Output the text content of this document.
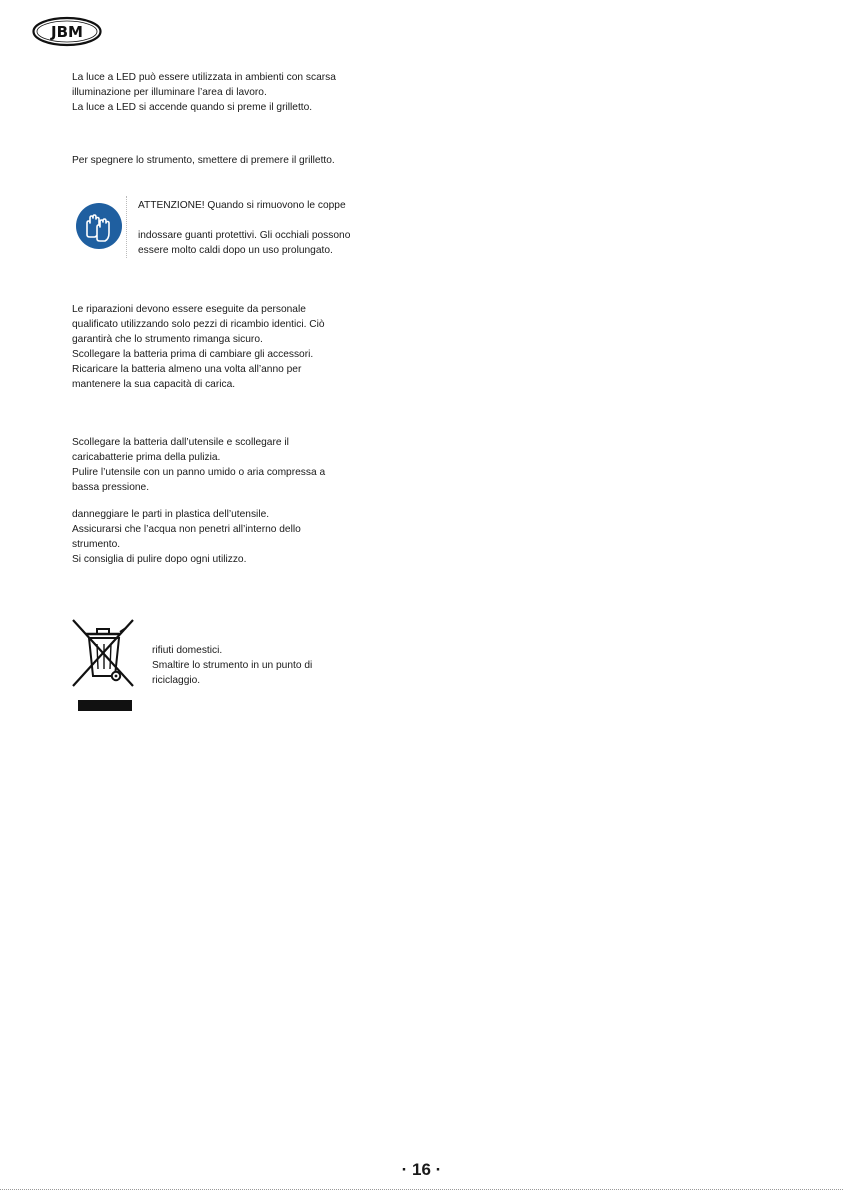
JBM

La luce a LED può essere utilizzata in ambienti con scarsa
illuminazione per illuminare l’area di lavoro.
La luce a LED si accende quando si preme il grilletto.

Per spegnere lo strumento, smettere di premere il grilletto.

ATTENZIONE! Quando si rimuovono le coppe
indossare guanti protettivi. Gli occhiali possono
essere molto caldi dopo un uso prolungato.

Le riparazioni devono essere eseguite da personale
qualificato utilizzando solo pezzi di ricambio identici. Ciò
garantirà che lo strumento rimanga sicuro.
Scollegare la batteria prima di cambiare gli accessori.
Ricaricare la batteria almeno una volta all’anno per
mantenere la sua capacità di carica.

Scollegare la batteria dall’utensile e scollegare il
caricabatterie prima della pulizia.
Pulire l’utensile con un panno umido o aria compressa a
bassa pressione.

danneggiare le parti in plastica dell’utensile.
Assicurarsi che l’acqua non penetri all’interno dello
strumento.
Si consiglia di pulire dopo ogni utilizzo.

rifiuti domestici.
Smaltire lo strumento in un punto di
riciclaggio.

· 16 ·
